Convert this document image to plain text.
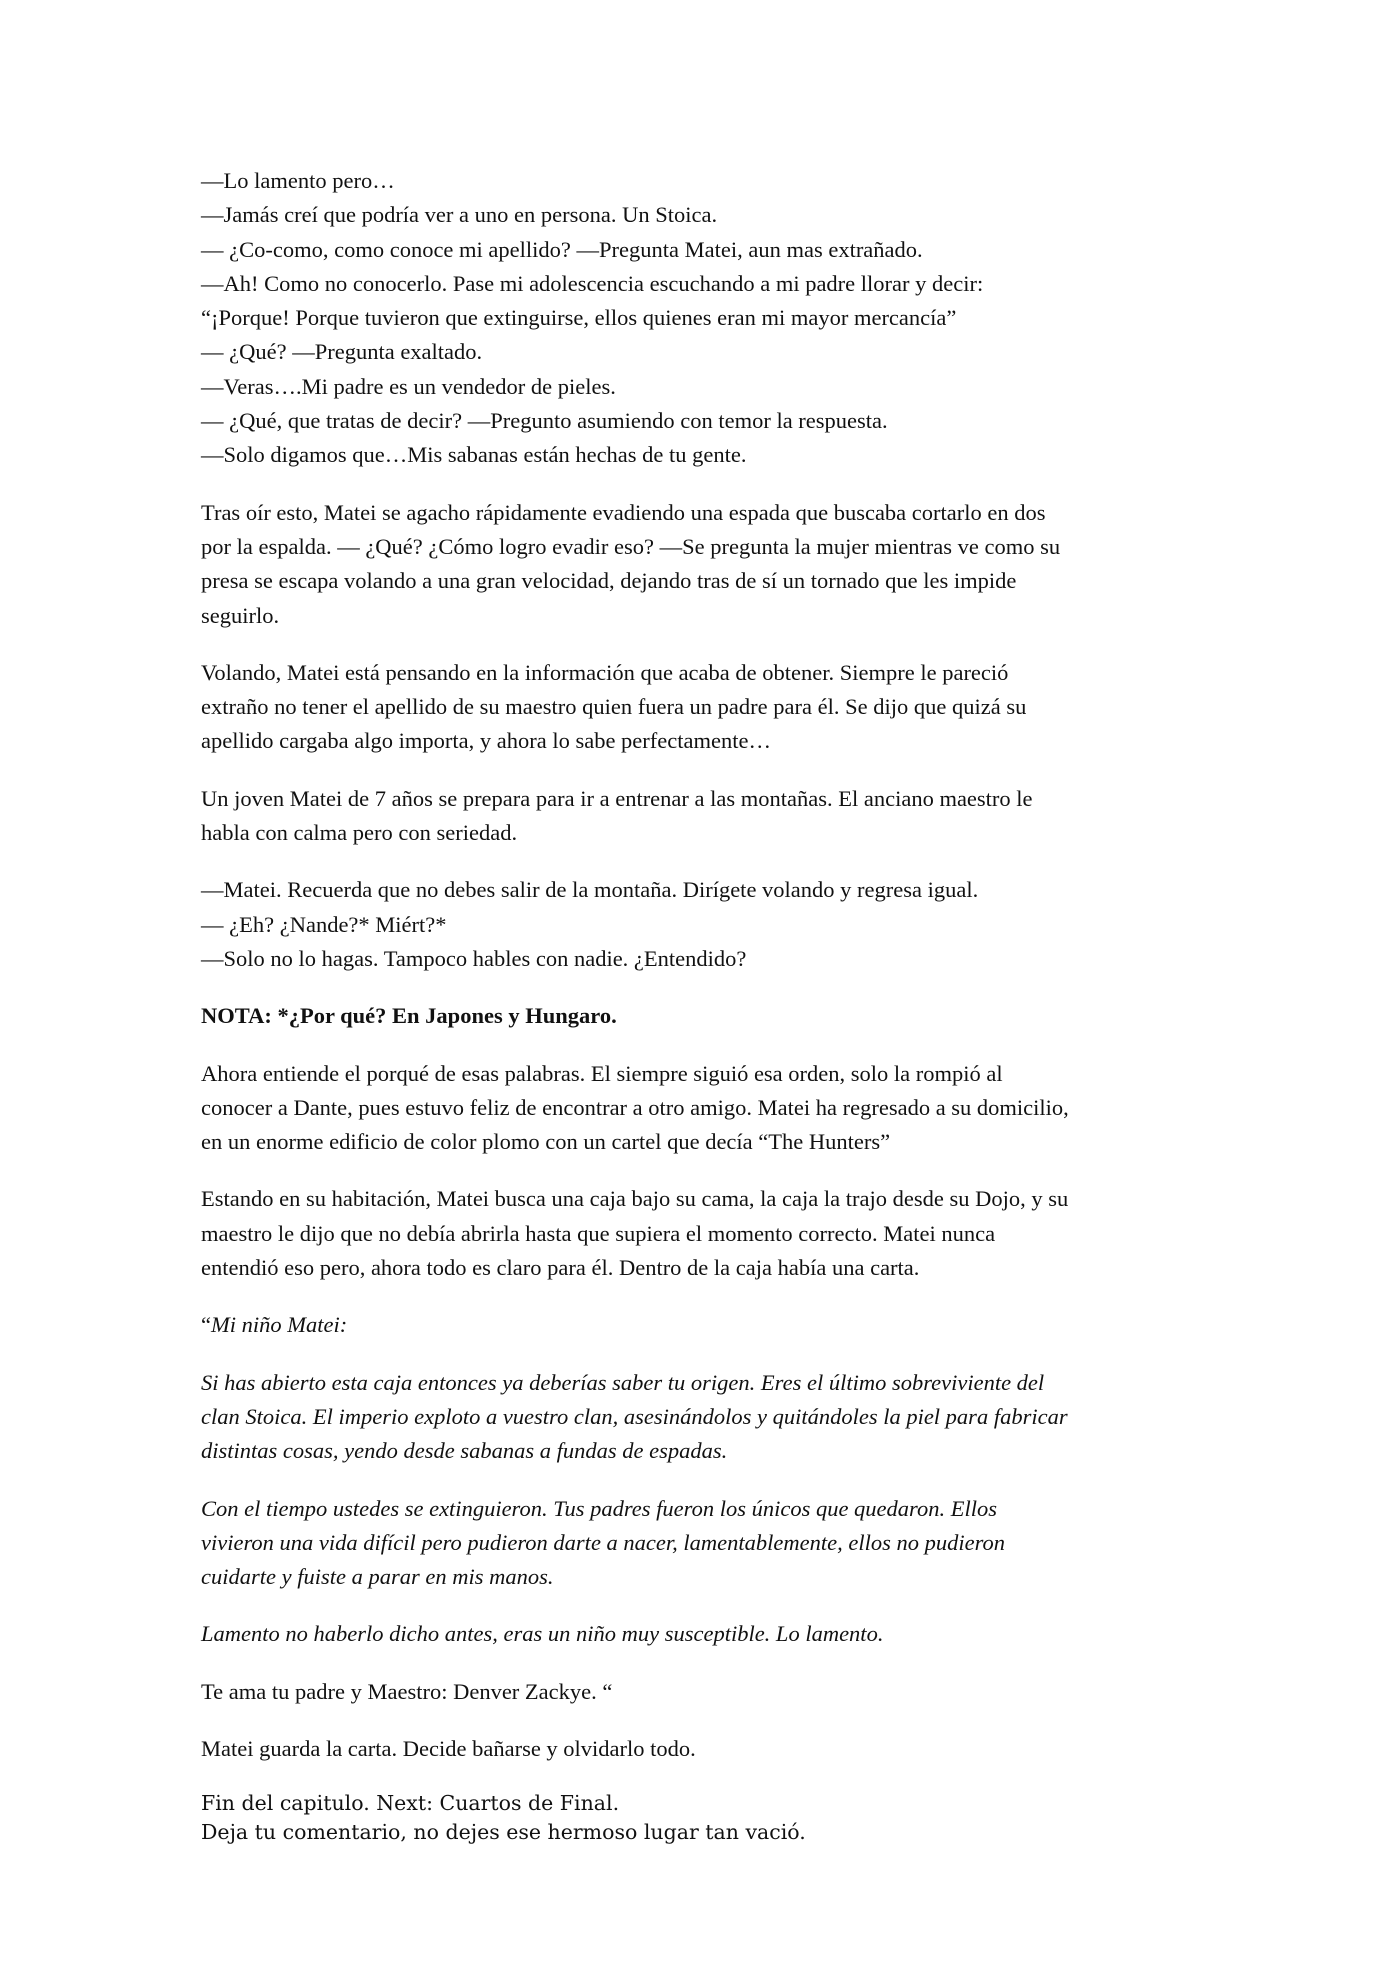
—Lo lamento pero…
—Jamás creí que podría ver a uno en persona. Un Stoica.
— ¿Co-como, como conoce mi apellido? —Pregunta Matei, aun mas extrañado.
—Ah! Como no conocerlo. Pase mi adolescencia escuchando a mi padre llorar y decir:
“¡Porque! Porque tuvieron que extinguirse, ellos quienes eran mi mayor mercancía”
— ¿Qué? —Pregunta exaltado.
—Veras….Mi padre es un vendedor de pieles.
— ¿Qué, que tratas de decir? —Pregunto asumiendo con temor la respuesta.
—Solo digamos que…Mis sabanas están hechas de tu gente.
Tras oír esto, Matei se agacho rápidamente evadiendo una espada que buscaba cortarlo en dos
por la espalda. — ¿Qué? ¿Cómo logro evadir eso? —Se pregunta la mujer mientras ve como su
presa se escapa volando a una gran velocidad, dejando tras de sí un tornado que les impide
seguirlo.
Volando, Matei está pensando en la información que acaba de obtener. Siempre le pareció
extraño no tener el apellido de su maestro quien fuera un padre para él. Se dijo que quizá su
apellido cargaba algo importa, y ahora lo sabe perfectamente…
Un joven Matei de 7 años se prepara para ir a entrenar a las montañas. El anciano maestro le
habla con calma pero con seriedad.
—Matei. Recuerda que no debes salir de la montaña. Dirígete volando y regresa igual.
— ¿Eh? ¿Nande?* Miért?*
—Solo no lo hagas. Tampoco hables con nadie. ¿Entendido?
NOTA: *¿Por qué? En Japones y Hungaro.
Ahora entiende el porqué de esas palabras. El siempre siguió esa orden, solo la rompió al
conocer a Dante, pues estuvo feliz de encontrar a otro amigo. Matei ha regresado a su domicilio,
en un enorme edificio de color plomo con un cartel que decía “The Hunters”
Estando en su habitación, Matei busca una caja bajo su cama, la caja la trajo desde su Dojo, y su
maestro le dijo que no debía abrirla hasta que supiera el momento correcto. Matei nunca
entendió eso pero, ahora todo es claro para él. Dentro de la caja había una carta.
“Mi niño Matei:
Si has abierto esta caja entonces ya deberías saber tu origen. Eres el último sobreviviente del
clan Stoica. El imperio exploto a vuestro clan, asesinándolos y quitándoles la piel para fabricar
distintas cosas, yendo desde sabanas a fundas de espadas.
Con el tiempo ustedes se extinguieron. Tus padres fueron los únicos que quedaron. Ellos
vivieron una vida difícil pero pudieron darte a nacer, lamentablemente, ellos no pudieron
cuidarte y fuiste a parar en mis manos.
Lamento no haberlo dicho antes, eras un niño muy susceptible. Lo lamento.
Te ama tu padre y Maestro: Denver Zackye. “
Matei guarda la carta. Decide bañarse y olvidarlo todo.
Fin del capitulo. Next: Cuartos de Final.
Deja tu comentario, no dejes ese hermoso lugar tan vació.
